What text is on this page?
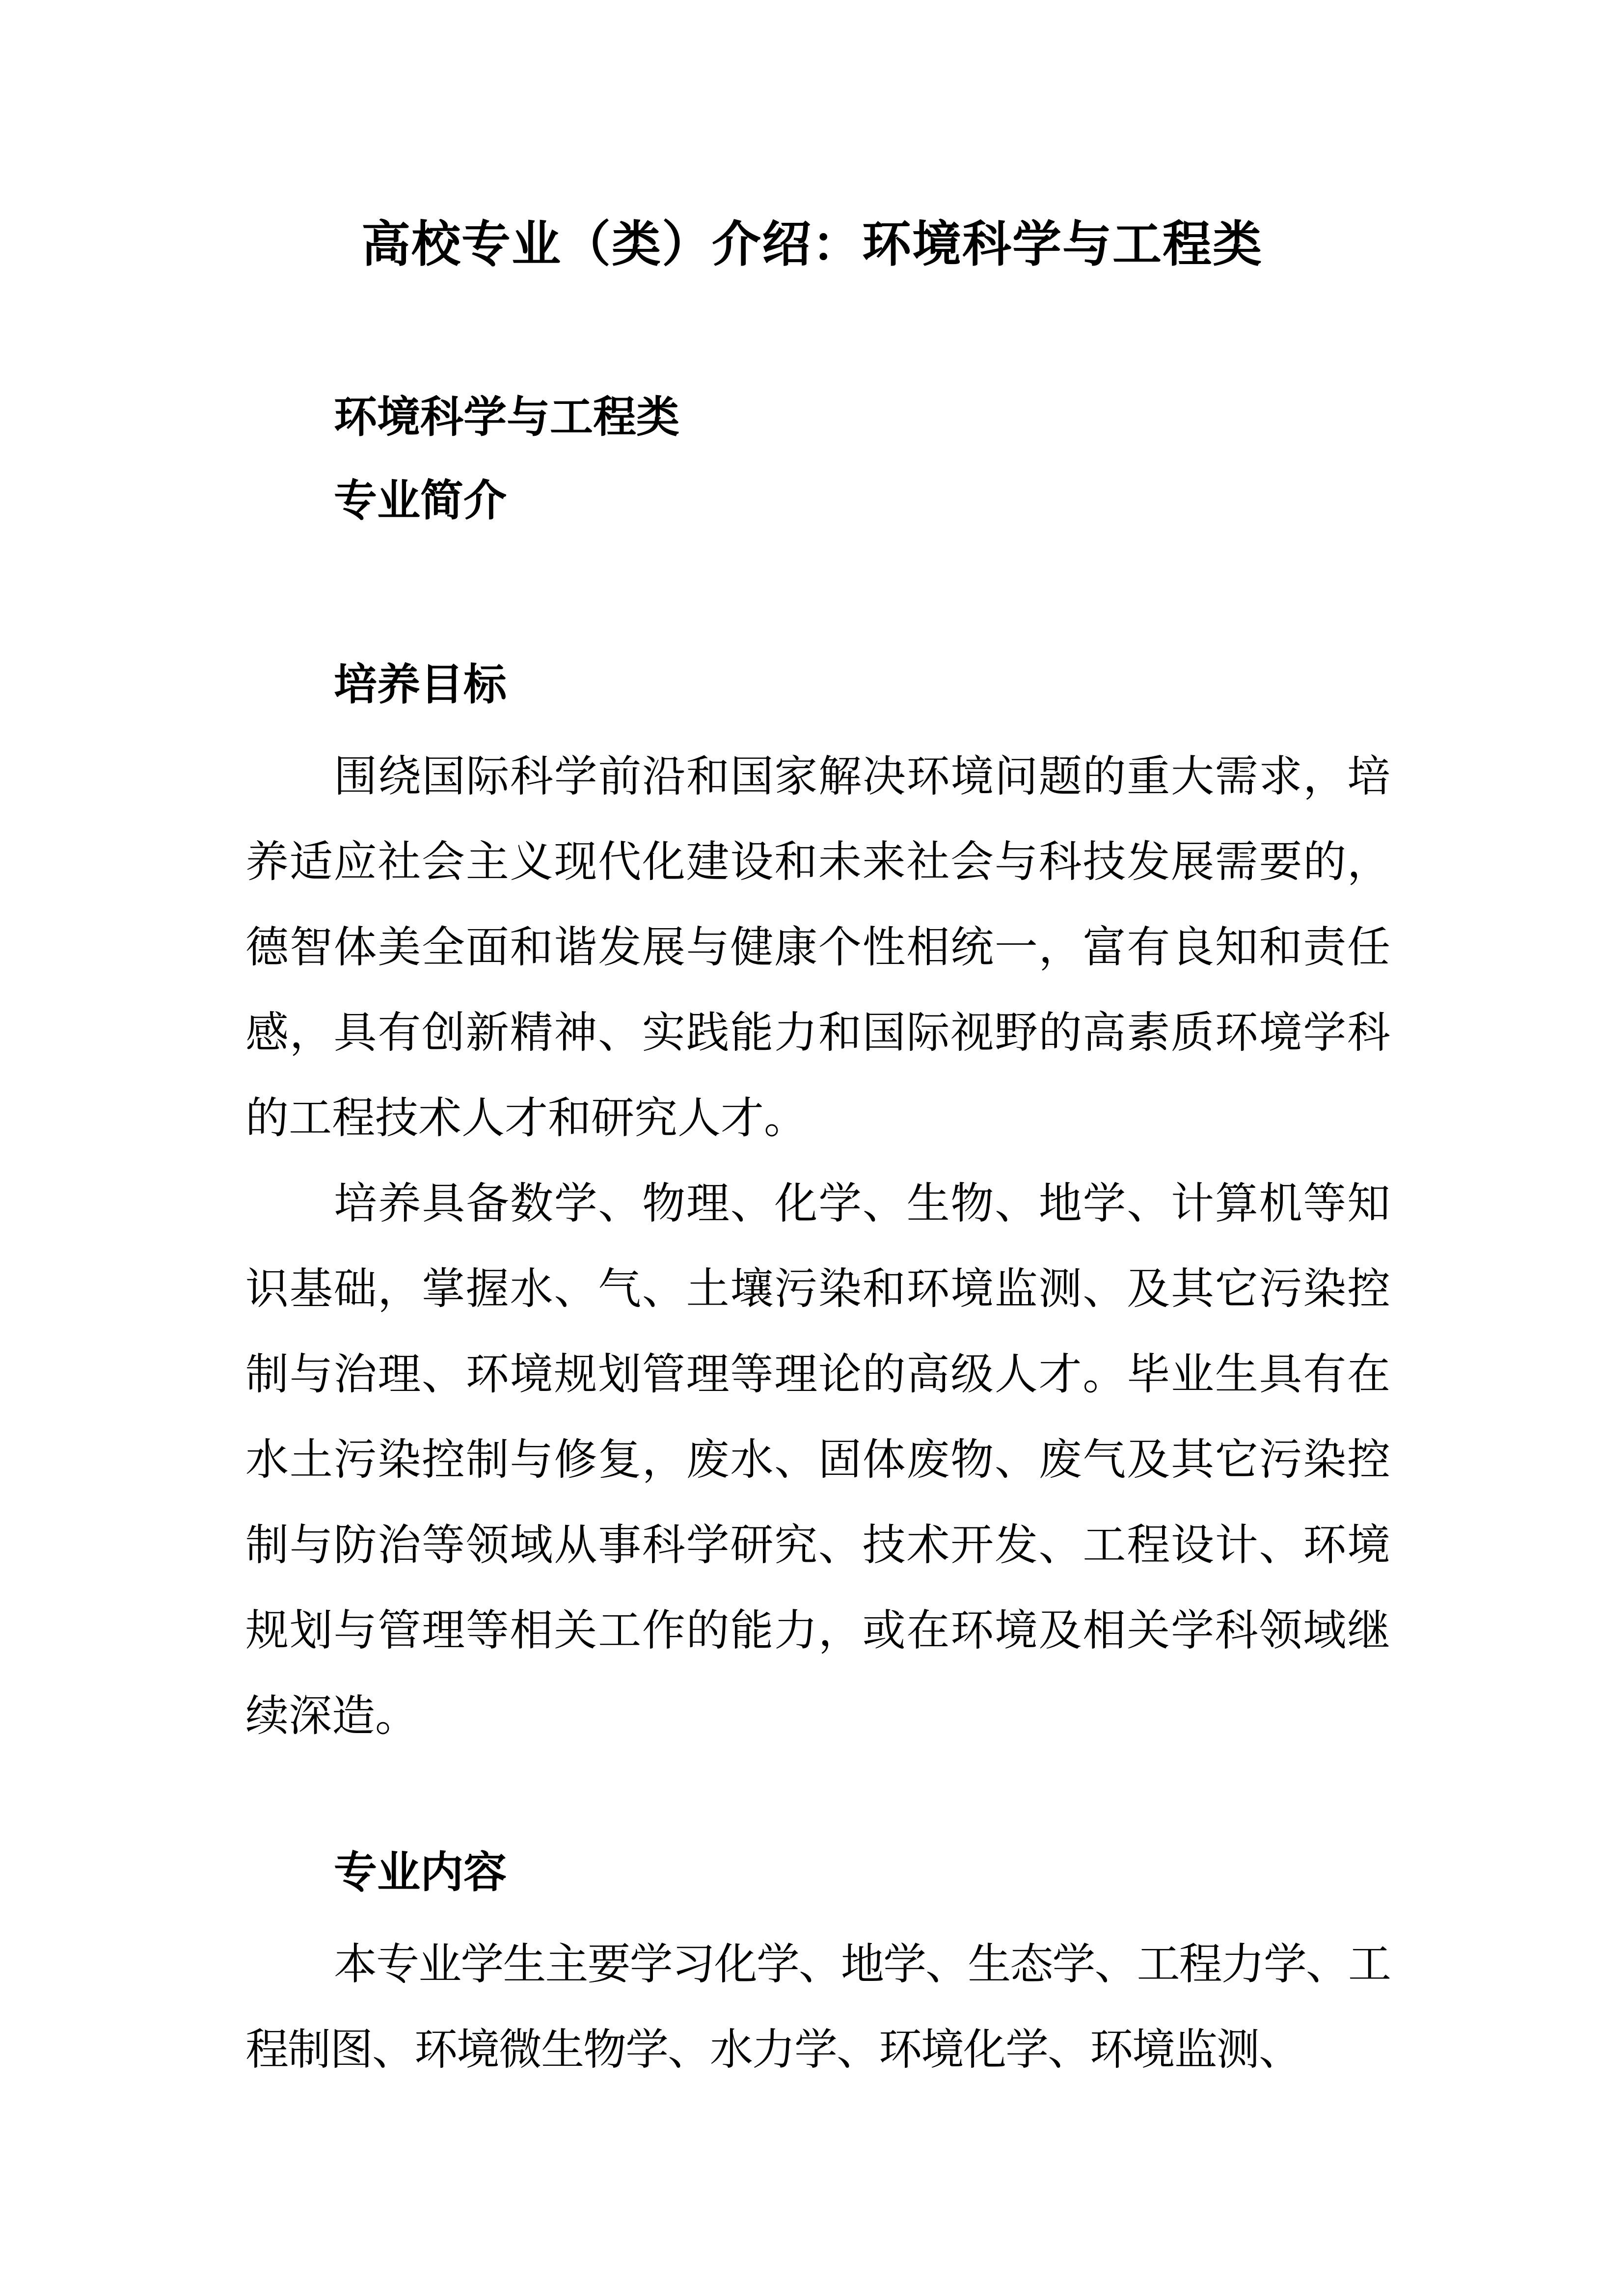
高校专业（类）介绍：环境科学与工程类
环境科学与工程类
专业简介
培养目标

围绕国际科学前沿和国家解决环境问题的重大需求，培养适应社会主义现代化建设和未来社会与科技发展需要的，德智体美全面和谐发展与健康个性相统一，富有良知和责任感，具有创新精神、实践能力和国际视野的高素质环境学科的工程技术人才和研究人才。

培养具备数学、物理、化学、生物、地学、计算机等知识基础，掌握水、气、土壤污染和环境监测、及其它污染控制与治理、环境规划管理等理论的高级人才。毕业生具有在水土污染控制与修复，废水、固体废物、废气及其它污染控制与防治等领域从事科学研究、技术开发、工程设计、环境规划与管理等相关工作的能力，或在环境及相关学科领域继续深造。

专业内容

本专业学生主要学习化学、地学、生态学、工程力学、工程制图、环境微生物学、水力学、环境化学、环境监测、
